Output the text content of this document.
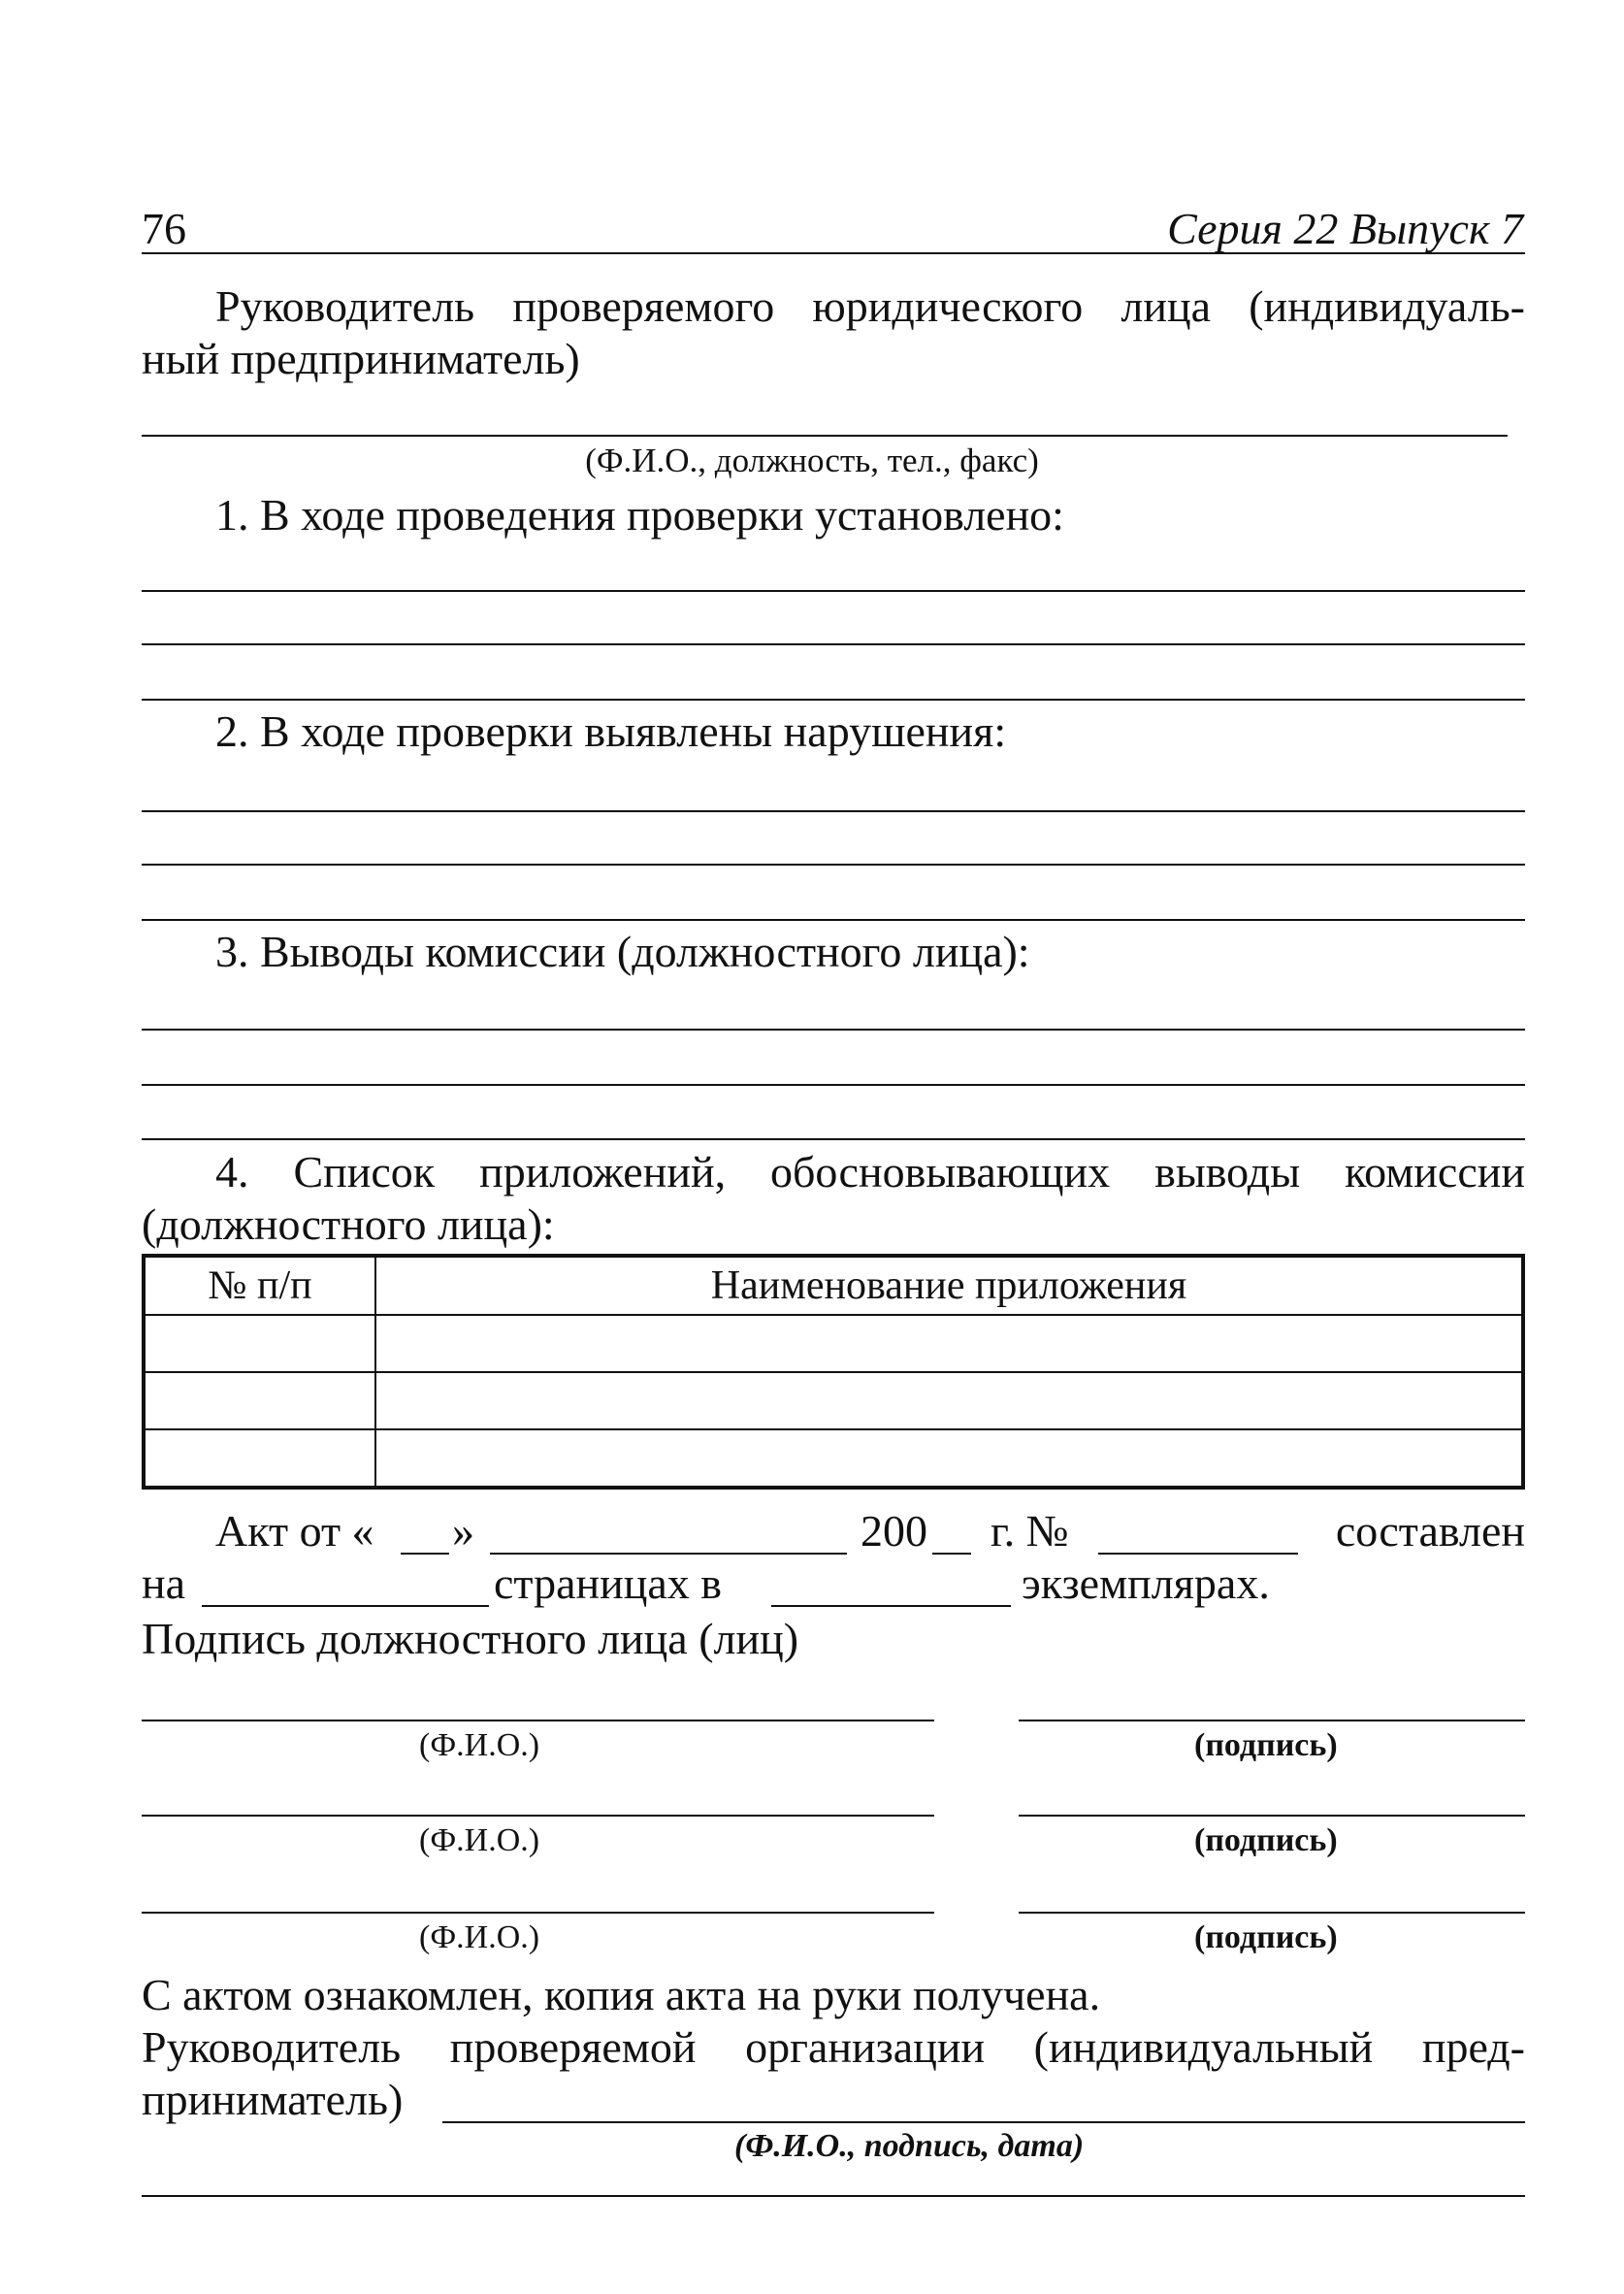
76	Серия 22 Выпуск 7
Руководитель проверяемого юридического лица (индивидуаль-
ный предприниматель)
(Ф.И.О., должность, тел., факс)
1. В ходе проведения проверки установлено:
2. В ходе проверки выявлены нарушения:
3. Выводы комиссии (должностного лица):
4. Список приложений, обосновывающих выводы комиссии
(должностного лица):
№ п/п	Наименование приложения

Акт от « »	200 г. №	составлен
на	страницах в	экземплярах.
Подпись должностного лица (лиц)
(Ф.И.О.)	(подпись)
(Ф.И.О.)	(подпись)
(Ф.И.О.)	(подпись)
С актом ознакомлен, копия акта на руки получена.
Руководитель проверяемой организации (индивидуальный пред-
приниматель)
(Ф.И.О., подпись, дата)
